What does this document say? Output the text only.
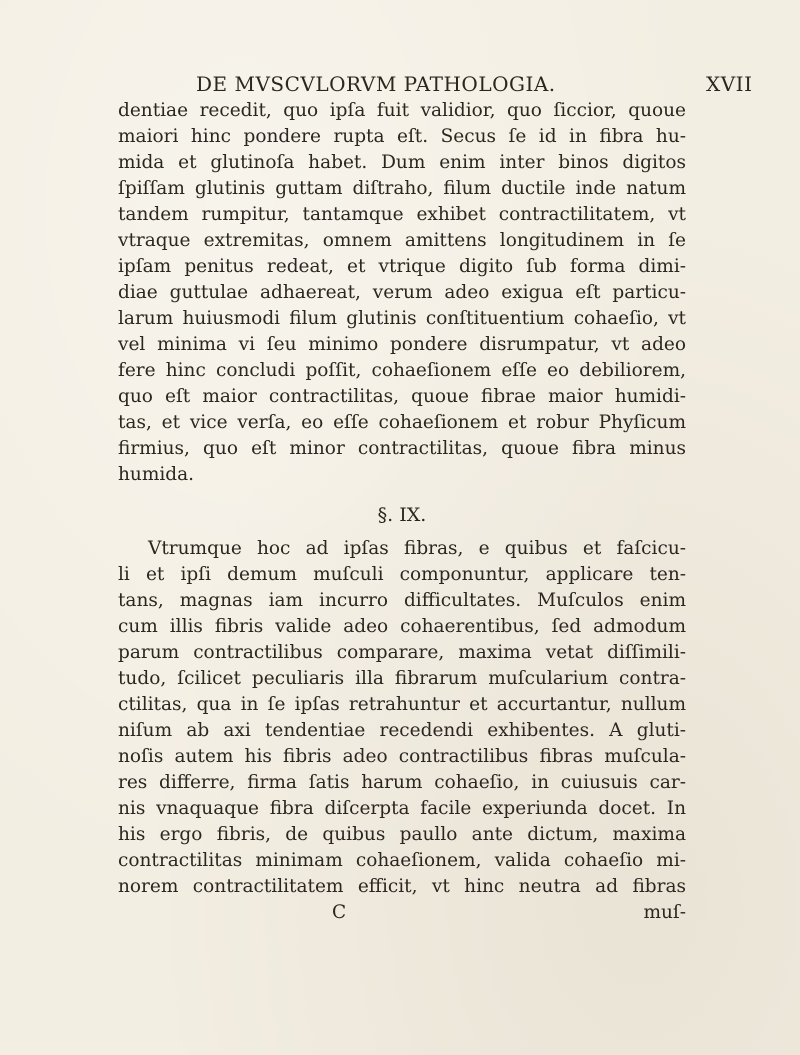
DE MVSCVLORVM PATHOLOGIA.	XVII
dentiae recedit, quo ipſa fuit validior, quo ſiccior, quoue
maiori hinc pondere rupta eſt. Secus ſe id in fibra hu-
mida et glutinoſa habet. Dum enim inter binos digitos
ſpiſſam glutinis guttam diſtraho, filum ductile inde natum
tandem rumpitur, tantamque exhibet contractilitatem, vt
vtraque extremitas, omnem amittens longitudinem in ſe
ipſam penitus redeat, et vtrique digito ſub forma dimi-
diae guttulae adhaereat, verum adeo exigua eſt particu-
larum huiusmodi filum glutinis conſtituentium cohaeſio, vt
vel minima vi ſeu minimo pondere disrumpatur, vt adeo
fere hinc concludi poſſit, cohaeſionem eſſe eo debiliorem,
quo eſt maior contractilitas, quoue fibrae maior humidi-
tas, et vice verſa, eo eſſe cohaeſionem et robur Phyſicum
firmius, quo eſt minor contractilitas, quoue fibra minus
humida.
§. IX.
Vtrumque hoc ad ipſas fibras, e quibus et faſcicu-
li et ipſi demum muſculi componuntur, applicare ten-
tans, magnas iam incurro difficultates. Muſculos enim
cum illis fibris valide adeo cohaerentibus, ſed admodum
parum contractilibus comparare, maxima vetat diſſimili-
tudo, ſcilicet peculiaris illa fibrarum muſcularium contra-
ctilitas, qua in ſe ipſas retrahuntur et accurtantur, nullum
niſum ab axi tendentiae recedendi exhibentes. A gluti-
noſis autem his fibris adeo contractilibus fibras muſcula-
res differre, firma ſatis harum cohaeſio, in cuiusuis car-
nis vnaquaque fibra diſcerpta facile experiunda docet. In
his ergo fibris, de quibus paullo ante dictum, maxima
contractilitas minimam cohaeſionem, valida cohaeſio mi-
norem contractilitatem efficit, vt hinc neutra ad fibras
C	muſ-
